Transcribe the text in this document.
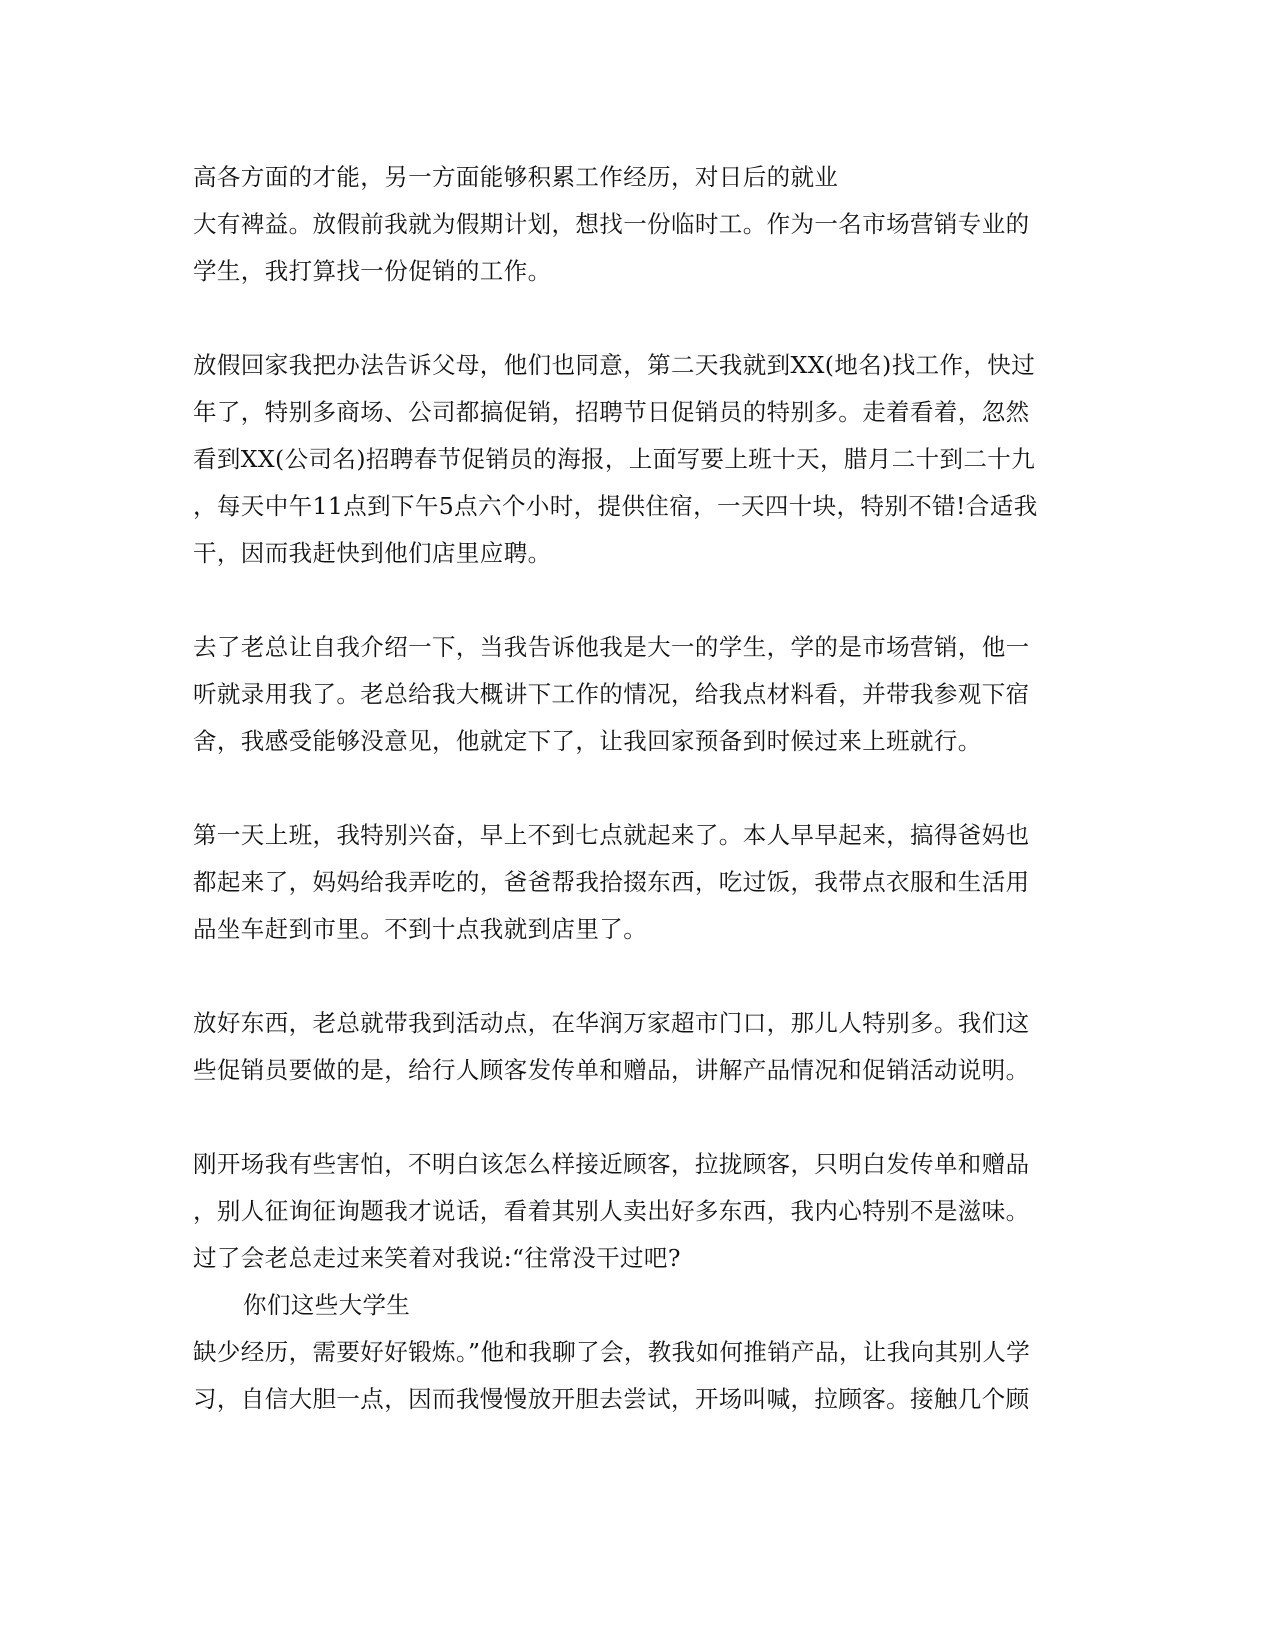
高各方面的才能，另一方面能够积累工作经历，对日后的就业
大有裨益。放假前我就为假期计划，想找一份临时工。作为一名市场营销专业的
学生，我打算找一份促销的工作。
放假回家我把办法告诉父母，他们也同意，第二天我就到XX(地名)找工作，快过
年了，特别多商场、公司都搞促销，招聘节日促销员的特别多。走着看着，忽然
看到XX(公司名)招聘春节促销员的海报，上面写要上班十天，腊月二十到二十九
，每天中午11点到下午5点六个小时，提供住宿，一天四十块，特别不错!合适我
干，因而我赶快到他们店里应聘。
去了老总让自我介绍一下，当我告诉他我是大一的学生，学的是市场营销，他一
听就录用我了。老总给我大概讲下工作的情况，给我点材料看，并带我参观下宿
舍，我感受能够没意见，他就定下了，让我回家预备到时候过来上班就行。
第一天上班，我特别兴奋，早上不到七点就起来了。本人早早起来，搞得爸妈也
都起来了，妈妈给我弄吃的，爸爸帮我拾掇东西，吃过饭，我带点衣服和生活用
品坐车赶到市里。不到十点我就到店里了。
放好东西，老总就带我到活动点，在华润万家超市门口，那儿人特别多。我们这
些促销员要做的是，给行人顾客发传单和赠品，讲解产品情况和促销活动说明。
刚开场我有些害怕，不明白该怎么样接近顾客，拉拢顾客，只明白发传单和赠品
，别人征询征询题我才说话，看着其别人卖出好多东西，我内心特别不是滋味。
过了会老总走过来笑着对我说:“往常没干过吧?
你们这些大学生
缺少经历，需要好好锻炼。”他和我聊了会，教我如何推销产品，让我向其别人学
习，自信大胆一点，因而我慢慢放开胆去尝试，开场叫喊，拉顾客。接触几个顾
